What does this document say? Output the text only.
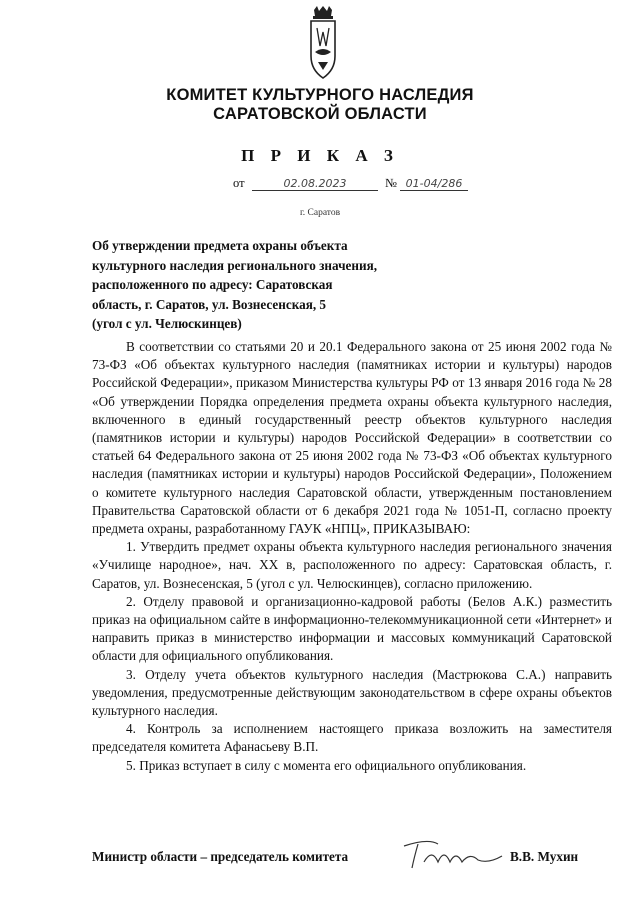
КОМИТЕТ КУЛЬТУРНОГО НАСЛЕДИЯ
САРАТОВСКОЙ ОБЛАСТИ
П Р И К А З
от	02.08.2023	№ 01-04/286
г. Саратов
Об утверждении предмета охраны объекта
культурного наследия регионального значения,
расположенного по адресу: Саратовская
область, г. Саратов, ул. Вознесенская, 5
(угол с ул. Челюскинцев)

В соответствии со статьями 20 и 20.1 Федерального закона от 25 июня 2002 года № 73-ФЗ «Об объектах культурного наследия (памятниках истории и культуры) народов Российской Федерации», приказом Министерства культуры РФ от 13 января 2016 года № 28 «Об утверждении Порядка определения предмета охраны объекта культурного наследия, включенного в единый государственный реестр объектов культурного наследия (памятников истории и культуры) народов Российской Федерации» в соответствии со статьей 64 Федерального закона от 25 июня 2002 года № 73-ФЗ «Об объектах культурного наследия (памятниках истории и культуры) народов Российской Федерации», Положением о комитете культурного наследия Саратовской области, утвержденным постановлением Правительства Саратовской области от 6 декабря 2021 года № 1051-П, согласно проекту предмета охраны, разработанному ГАУК «НПЦ», ПРИКАЗЫВАЮ:

1. Утвердить предмет охраны объекта культурного наследия регионального значения «Училище народное», нач. XX в, расположенного по адресу: Саратовская область, г. Саратов, ул. Вознесенская, 5 (угол с ул. Челюскинцев), согласно приложению.

2. Отделу правовой и организационно-кадровой работы (Белов А.К.) разместить приказ на официальном сайте в информационно-телекоммуникационной сети «Интернет» и направить приказ в министерство информации и массовых коммуникаций Саратовской области для официального опубликования.

3. Отделу учета объектов культурного наследия (Мастрюкова С.А.) направить уведомления, предусмотренные действующим законодательством в сфере охраны объектов культурного наследия.

4. Контроль за исполнением настоящего приказа возложить на заместителя председателя комитета Афанасьеву В.П.

5. Приказ вступает в силу с момента его официального опубликования.

Министр области – председатель комитета	В.В. Мухин
